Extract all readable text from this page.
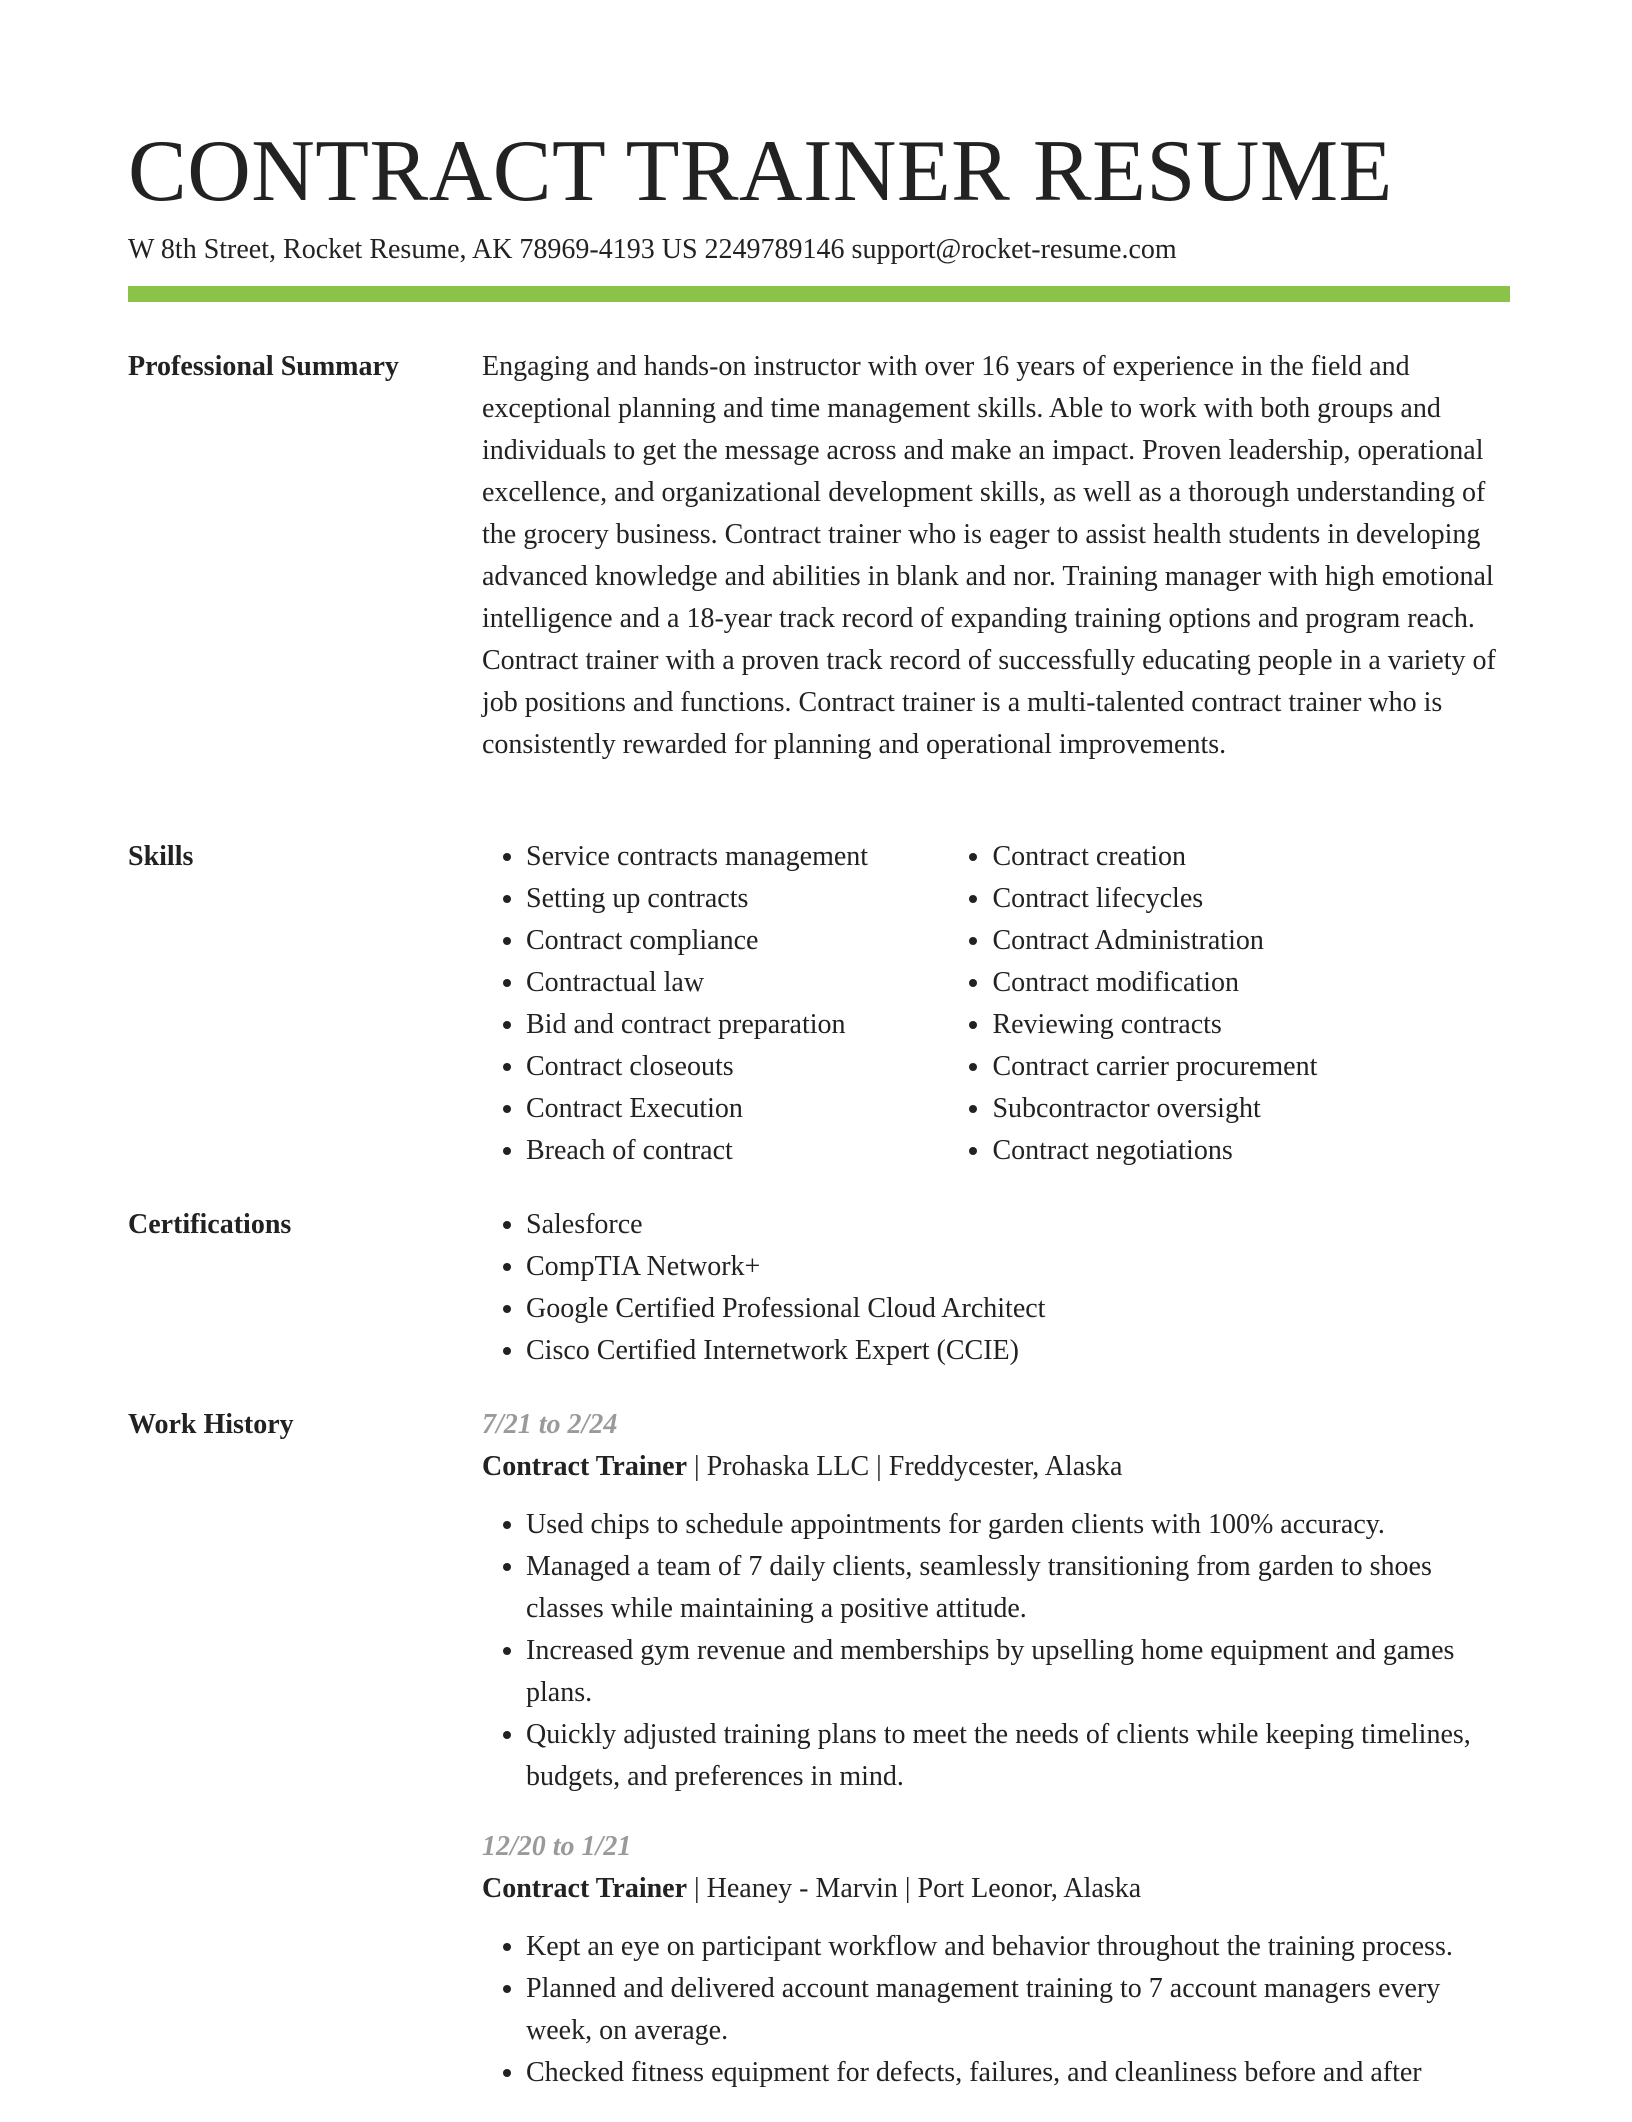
CONTRACT TRAINER RESUME
W 8th Street, Rocket Resume, AK 78969-4193 US 2249789146 support@rocket-resume.com
Professional Summary	Engaging and hands-on instructor with over 16 years of experience in the field and exceptional planning and time management skills. Able to work with both groups and individuals to get the message across and make an impact. Proven leadership, operational excellence, and organizational development skills, as well as a thorough understanding of the grocery business. Contract trainer who is eager to assist health students in developing advanced knowledge and abilities in blank and nor. Training manager with high emotional intelligence and a 18-year track record of expanding training options and program reach. Contract trainer with a proven track record of successfully educating people in a variety of job positions and functions. Contract trainer is a multi-talented contract trainer who is consistently rewarded for planning and operational improvements.

Skills	• Service contracts management
• Setting up contracts
• Contract compliance
• Contractual law
• Bid and contract preparation
• Contract closeouts
• Contract Execution
• Breach of contract
• Contract creation
• Contract lifecycles
• Contract Administration
• Contract modification
• Reviewing contracts
• Contract carrier procurement
• Subcontractor oversight
• Contract negotiations
Certifications	• Salesforce
• CompTIA Network+
• Google Certified Professional Cloud Architect
• Cisco Certified Internetwork Expert (CCIE)
Work History	7/21 to 2/24
Contract Trainer | Prohaska LLC | Freddycester, Alaska
• Used chips to schedule appointments for garden clients with 100% accuracy.
• Managed a team of 7 daily clients, seamlessly transitioning from garden to shoes classes while maintaining a positive attitude.
• Increased gym revenue and memberships by upselling home equipment and games plans.
• Quickly adjusted training plans to meet the needs of clients while keeping timelines, budgets, and preferences in mind.
12/20 to 1/21
Contract Trainer | Heaney - Marvin | Port Leonor, Alaska
• Kept an eye on participant workflow and behavior throughout the training process.
• Planned and delivered account management training to 7 account managers every week, on average.
• Checked fitness equipment for defects, failures, and cleanliness before and after
